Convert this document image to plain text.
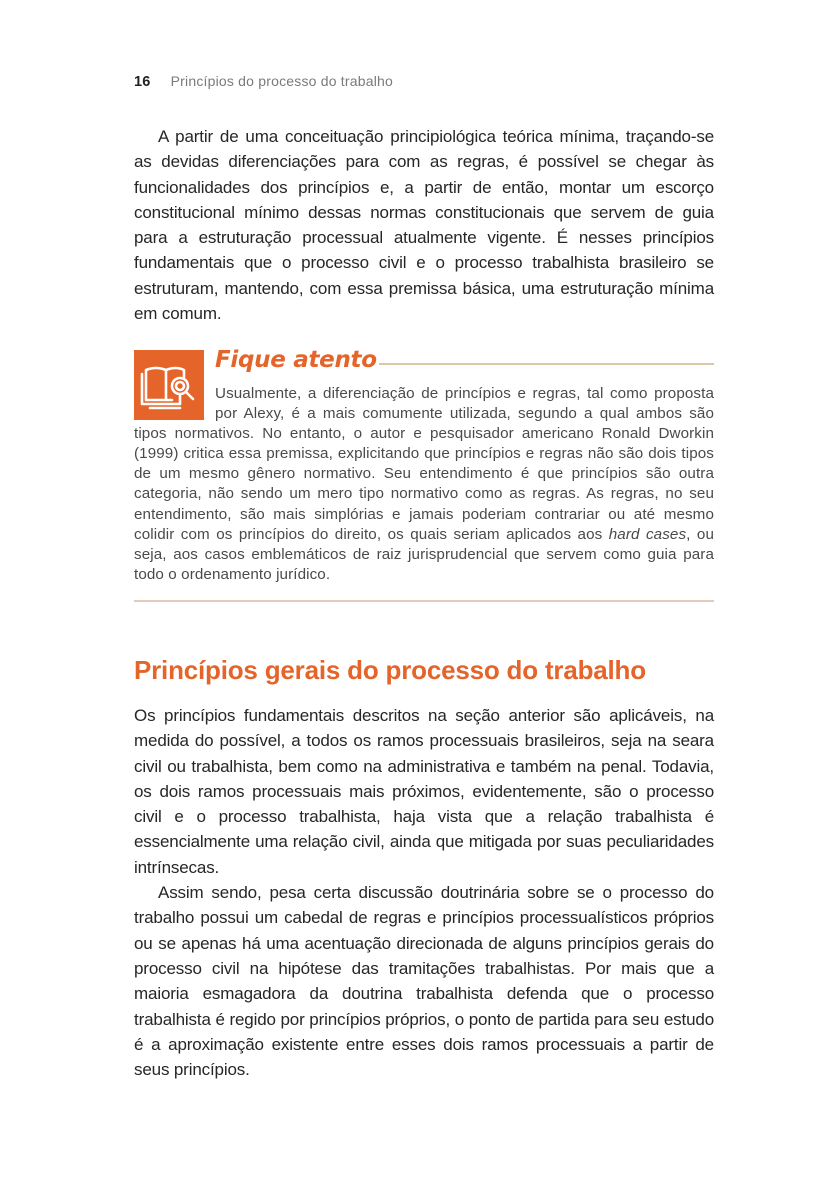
16 Princípios do processo do trabalho

A partir de uma conceituação principiológica teórica mínima, traçando-se as devidas diferenciações para com as regras, é possível se chegar às funcionalidades dos princípios e, a partir de então, montar um escorço constitucional mínimo dessas normas constitucionais que servem de guia para a estruturação processual atualmente vigente. É nesses princípios fundamentais que o processo civil e o processo trabalhista brasileiro se estruturam, mantendo, com essa premissa básica, uma estruturação mínima em comum.

Fique atento
Usualmente, a diferenciação de princípios e regras, tal como proposta por Alexy, é a mais comumente utilizada, segundo a qual ambos são tipos normativos. No entanto, o autor e pesquisador americano Ronald Dworkin (1999) critica essa premissa, explicitando que princípios e regras não são dois tipos de um mesmo gênero normativo. Seu entendimento é que princípios são outra categoria, não sendo um mero tipo normativo como as regras. As regras, no seu entendimento, são mais simplórias e jamais poderiam contrariar ou até mesmo colidir com os princípios do direito, os quais seriam aplicados aos hard cases, ou seja, aos casos emblemáticos de raiz jurisprudencial que servem como guia para todo o ordenamento jurídico.
Princípios gerais do processo do trabalho

Os princípios fundamentais descritos na seção anterior são aplicáveis, na medida do possível, a todos os ramos processuais brasileiros, seja na seara civil ou trabalhista, bem como na administrativa e também na penal. Todavia, os dois ramos processuais mais próximos, evidentemente, são o processo civil e o processo trabalhista, haja vista que a relação trabalhista é essencialmente uma relação civil, ainda que mitigada por suas peculiaridades intrínsecas.

Assim sendo, pesa certa discussão doutrinária sobre se o processo do trabalho possui um cabedal de regras e princípios processualísticos próprios ou se apenas há uma acentuação direcionada de alguns princípios gerais do processo civil na hipótese das tramitações trabalhistas. Por mais que a maioria esmagadora da doutrina trabalhista defenda que o processo trabalhista é regido por princípios próprios, o ponto de partida para seu estudo é a aproximação existente entre esses dois ramos processuais a partir de seus princípios.
